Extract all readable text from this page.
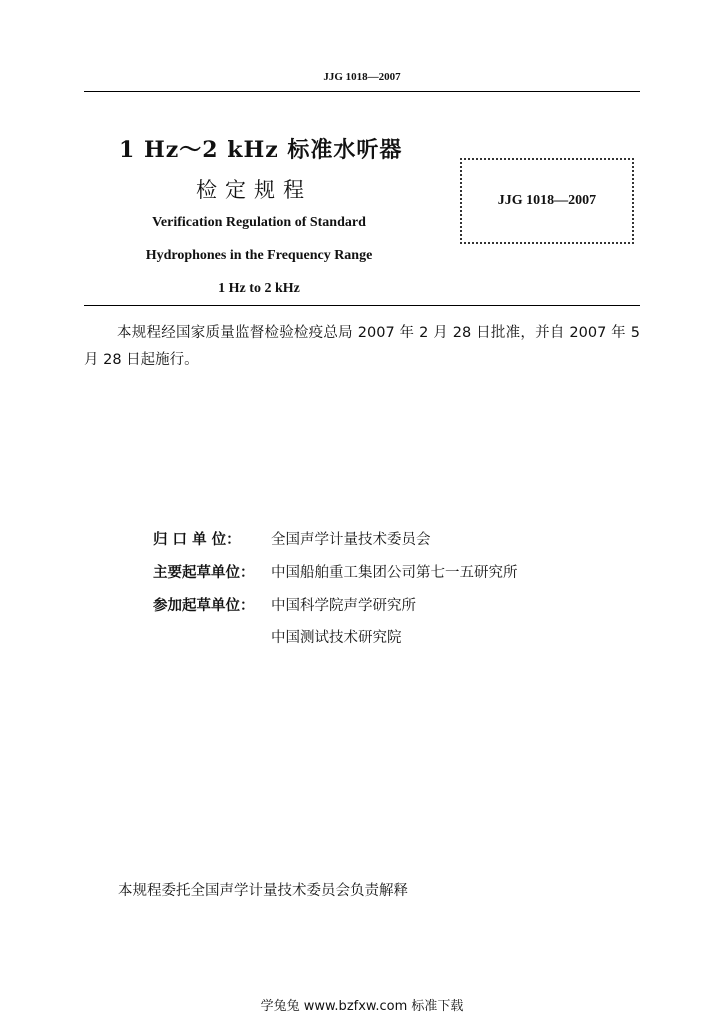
JJG 1018—2007
1 Hz～2 kHz 标准水听器
检定规程
Verification Regulation of Standard
Hydrophones in the Frequency Range
1 Hz to 2 kHz
JJG 1018—2007
本规程经国家质量监督检验检疫总局 2007 年 2 月 28 日批准，并自 2007 年 5 月 28 日起施行。
归 口 单 位： 全国声学计量技术委员会
主要起草单位： 中国船舶重工集团公司第七一五研究所
参加起草单位： 中国科学院声学研究所
中国测试技术研究院
本规程委托全国声学计量技术委员会负责解释
学兔兔 www.bzfxw.com 标准下载
